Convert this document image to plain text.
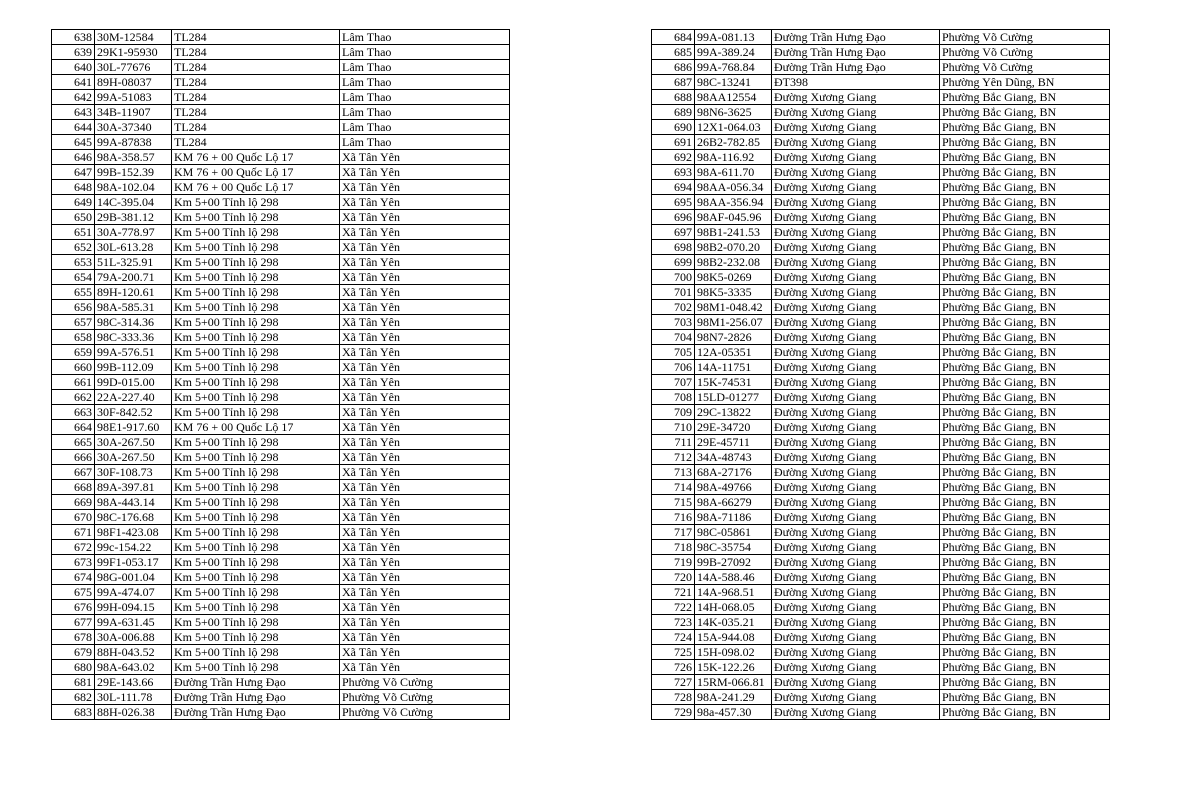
638	30M-12584	TL284	Lâm Thao
639	29K1-95930	TL284	Lâm Thao
640	30L-77676	TL284	Lâm Thao
641	89H-08037	TL284	Lâm Thao
642	99A-51083	TL284	Lâm Thao
643	34B-11907	TL284	Lâm Thao
644	30A-37340	TL284	Lâm Thao
645	99A-87838	TL284	Lâm Thao
646	98A-358.57	KM 76 + 00 Quốc Lộ 17	Xã Tân Yên
647	99B-152.39	KM 76 + 00 Quốc Lộ 17	Xã Tân Yên
648	98A-102.04	KM 76 + 00 Quốc Lộ 17	Xã Tân Yên
649	14C-395.04	Km 5+00 Tỉnh lộ 298	Xã Tân Yên
650	29B-381.12	Km 5+00 Tỉnh lộ 298	Xã Tân Yên
651	30A-778.97	Km 5+00 Tỉnh lộ 298	Xã Tân Yên
652	30L-613.28	Km 5+00 Tỉnh lộ 298	Xã Tân Yên
653	51L-325.91	Km 5+00 Tỉnh lộ 298	Xã Tân Yên
654	79A-200.71	Km 5+00 Tỉnh lộ 298	Xã Tân Yên
655	89H-120.61	Km 5+00 Tỉnh lộ 298	Xã Tân Yên
656	98A-585.31	Km 5+00 Tỉnh lộ 298	Xã Tân Yên
657	98C-314.36	Km 5+00 Tỉnh lộ 298	Xã Tân Yên
658	98C-333.36	Km 5+00 Tỉnh lộ 298	Xã Tân Yên
659	99A-576.51	Km 5+00 Tỉnh lộ 298	Xã Tân Yên
660	99B-112.09	Km 5+00 Tỉnh lộ 298	Xã Tân Yên
661	99D-015.00	Km 5+00 Tỉnh lộ 298	Xã Tân Yên
662	22A-227.40	Km 5+00 Tỉnh lộ 298	Xã Tân Yên
663	30F-842.52	Km 5+00 Tỉnh lộ 298	Xã Tân Yên
664	98E1-917.60	KM 76 + 00 Quốc Lộ 17	Xã Tân Yên
665	30A-267.50	Km 5+00 Tỉnh lộ 298	Xã Tân Yên
666	30A-267.50	Km 5+00 Tỉnh lộ 298	Xã Tân Yên
667	30F-108.73	Km 5+00 Tỉnh lộ 298	Xã Tân Yên
668	89A-397.81	Km 5+00 Tỉnh lộ 298	Xã Tân Yên
669	98A-443.14	Km 5+00 Tỉnh lộ 298	Xã Tân Yên
670	98C-176.68	Km 5+00 Tỉnh lộ 298	Xã Tân Yên
671	98F1-423.08	Km 5+00 Tỉnh lộ 298	Xã Tân Yên
672	99c-154.22	Km 5+00 Tỉnh lộ 298	Xã Tân Yên
673	99F1-053.17	Km 5+00 Tỉnh lộ 298	Xã Tân Yên
674	98G-001.04	Km 5+00 Tỉnh lộ 298	Xã Tân Yên
675	99A-474.07	Km 5+00 Tỉnh lộ 298	Xã Tân Yên
676	99H-094.15	Km 5+00 Tỉnh lộ 298	Xã Tân Yên
677	99A-631.45	Km 5+00 Tỉnh lộ 298	Xã Tân Yên
678	30A-006.88	Km 5+00 Tỉnh lộ 298	Xã Tân Yên
679	88H-043.52	Km 5+00 Tỉnh lộ 298	Xã Tân Yên
680	98A-643.02	Km 5+00 Tỉnh lộ 298	Xã Tân Yên
681	29E-143.66	Đường Trần Hưng Đạo	Phường Võ Cường
682	30L-111.78	Đường Trần Hưng Đạo	Phường Võ Cường
683	88H-026.38	Đường Trần Hưng Đạo	Phường Võ Cường
684	99A-081.13	Đường Trần Hưng Đạo	Phường Võ Cường
685	99A-389.24	Đường Trần Hưng Đạo	Phường Võ Cường
686	99A-768.84	Đường Trần Hưng Đạo	Phường Võ Cường
687	98C-13241	ĐT398	Phường Yên Dũng, BN
688	98AA12554	Đường Xương Giang	Phường Bắc Giang, BN
689	98N6-3625	Đường Xương Giang	Phường Bắc Giang, BN
690	12X1-064.03	Đường Xương Giang	Phường Bắc Giang, BN
691	26B2-782.85	Đường Xương Giang	Phường Bắc Giang, BN
692	98A-116.92	Đường Xương Giang	Phường Bắc Giang, BN
693	98A-611.70	Đường Xương Giang	Phường Bắc Giang, BN
694	98AA-056.34	Đường Xương Giang	Phường Bắc Giang, BN
695	98AA-356.94	Đường Xương Giang	Phường Bắc Giang, BN
696	98AF-045.96	Đường Xương Giang	Phường Bắc Giang, BN
697	98B1-241.53	Đường Xương Giang	Phường Bắc Giang, BN
698	98B2-070.20	Đường Xương Giang	Phường Bắc Giang, BN
699	98B2-232.08	Đường Xương Giang	Phường Bắc Giang, BN
700	98K5-0269	Đường Xương Giang	Phường Bắc Giang, BN
701	98K5-3335	Đường Xương Giang	Phường Bắc Giang, BN
702	98M1-048.42	Đường Xương Giang	Phường Bắc Giang, BN
703	98M1-256.07	Đường Xương Giang	Phường Bắc Giang, BN
704	98N7-2826	Đường Xương Giang	Phường Bắc Giang, BN
705	12A-05351	Đường Xương Giang	Phường Bắc Giang, BN
706	14A-11751	Đường Xương Giang	Phường Bắc Giang, BN
707	15K-74531	Đường Xương Giang	Phường Bắc Giang, BN
708	15LD-01277	Đường Xương Giang	Phường Bắc Giang, BN
709	29C-13822	Đường Xương Giang	Phường Bắc Giang, BN
710	29E-34720	Đường Xương Giang	Phường Bắc Giang, BN
711	29E-45711	Đường Xương Giang	Phường Bắc Giang, BN
712	34A-48743	Đường Xương Giang	Phường Bắc Giang, BN
713	68A-27176	Đường Xương Giang	Phường Bắc Giang, BN
714	98A-49766	Đường Xương Giang	Phường Bắc Giang, BN
715	98A-66279	Đường Xương Giang	Phường Bắc Giang, BN
716	98A-71186	Đường Xương Giang	Phường Bắc Giang, BN
717	98C-05861	Đường Xương Giang	Phường Bắc Giang, BN
718	98C-35754	Đường Xương Giang	Phường Bắc Giang, BN
719	99B-27092	Đường Xương Giang	Phường Bắc Giang, BN
720	14A-588.46	Đường Xương Giang	Phường Bắc Giang, BN
721	14A-968.51	Đường Xương Giang	Phường Bắc Giang, BN
722	14H-068.05	Đường Xương Giang	Phường Bắc Giang, BN
723	14K-035.21	Đường Xương Giang	Phường Bắc Giang, BN
724	15A-944.08	Đường Xương Giang	Phường Bắc Giang, BN
725	15H-098.02	Đường Xương Giang	Phường Bắc Giang, BN
726	15K-122.26	Đường Xương Giang	Phường Bắc Giang, BN
727	15RM-066.81	Đường Xương Giang	Phường Bắc Giang, BN
728	98A-241.29	Đường Xương Giang	Phường Bắc Giang, BN
729	98a-457.30	Đường Xương Giang	Phường Bắc Giang, BN
